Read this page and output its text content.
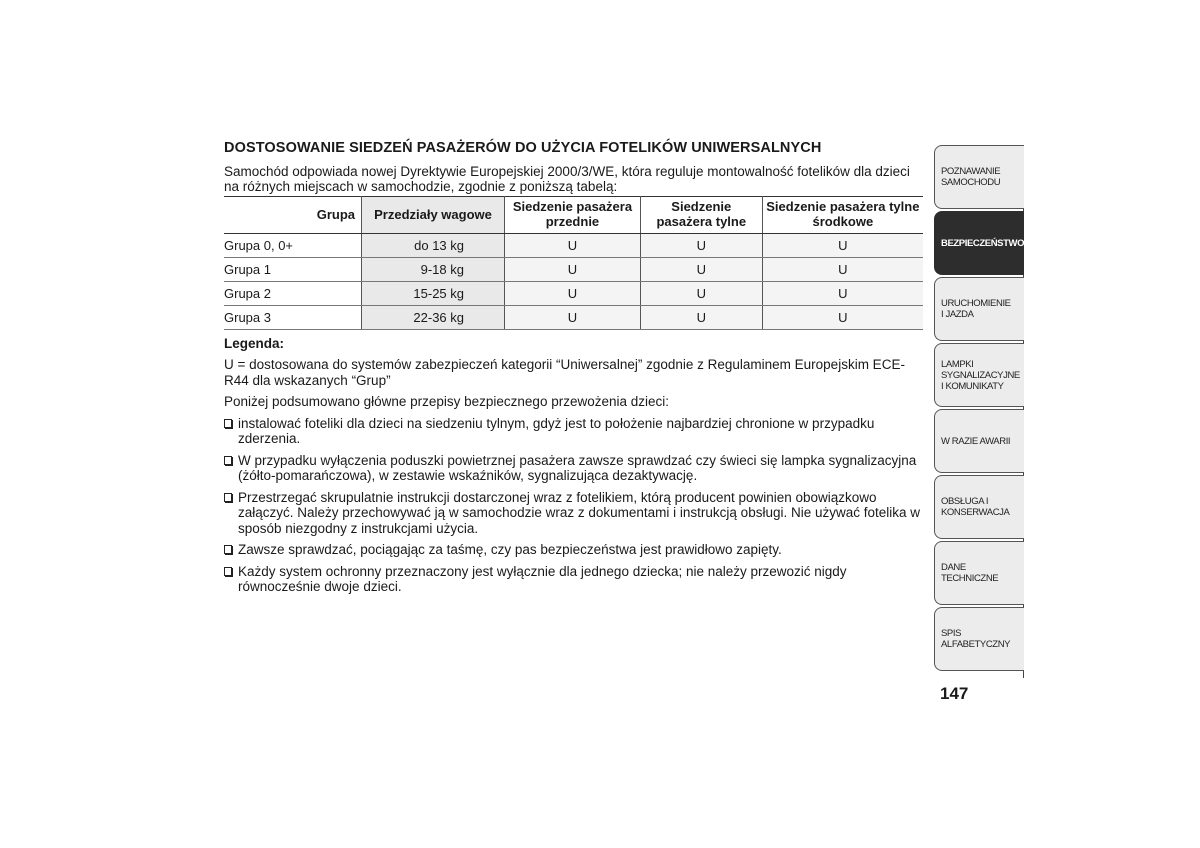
DOSTOSOWANIE SIEDZEŃ PASAŻERÓW DO UŻYCIA FOTELIKÓW UNIWERSALNYCH

Samochód odpowiada nowej Dyrektywie Europejskiej 2000/3/WE, która reguluje montowalność fotelików dla dzieci na różnych miejscach w samochodzie, zgodnie z poniższą tabelą:

Grupa	Przedziały wagowe	Siedzenie pasażera przednie	Siedzenie pasażera tylne	Siedzenie pasażera tylne środkowe
Grupa 0, 0+	do 13 kg	U	U	U
Grupa 1	9-18 kg	U	U	U
Grupa 2	15-25 kg	U	U	U
Grupa 3	22-36 kg	U	U	U
Legenda:

U = dostosowana do systemów zabezpieczeń kategorii “Uniwersalnej” zgodnie z Regulaminem Europejskim ECE-R44 dla wskazanych “Grup”

Poniżej podsumowano główne przepisy bezpiecznego przewożenia dzieci:

instalować foteliki dla dzieci na siedzeniu tylnym, gdyż jest to położenie najbardziej chronione w przypadku zderzenia.
W przypadku wyłączenia poduszki powietrznej pasażera zawsze sprawdzać czy świeci się lampka sygnalizacyjna (żółto-pomarańczowa), w zestawie wskaźników, sygnalizująca dezaktywację.
Przestrzegać skrupulatnie instrukcji dostarczonej wraz z fotelikiem, którą producent powinien obowiązkowo załączyć. Należy przechowywać ją w samochodzie wraz z dokumentami i instrukcją obsługi. Nie używać fotelika w sposób niezgodny z instrukcjami użycia.
Zawsze sprawdzać, pociągając za taśmę, czy pas bezpieczeństwa jest prawidłowo zapięty.
Każdy system ochronny przeznaczony jest wyłącznie dla jednego dziecka; nie należy przewozić nigdy równocześnie dwoje dzieci.
POZNAWANIE SAMOCHODU
BEZPIECZEŃSTWO
URUCHOMIENIE I JAZDA
LAMPKI SYGNALIZACYJNE I KOMUNIKATY
W RAZIE AWARII
OBSŁUGA I KONSERWACJA
DANE TECHNICZNE
SPIS ALFABETYCZNY
147
